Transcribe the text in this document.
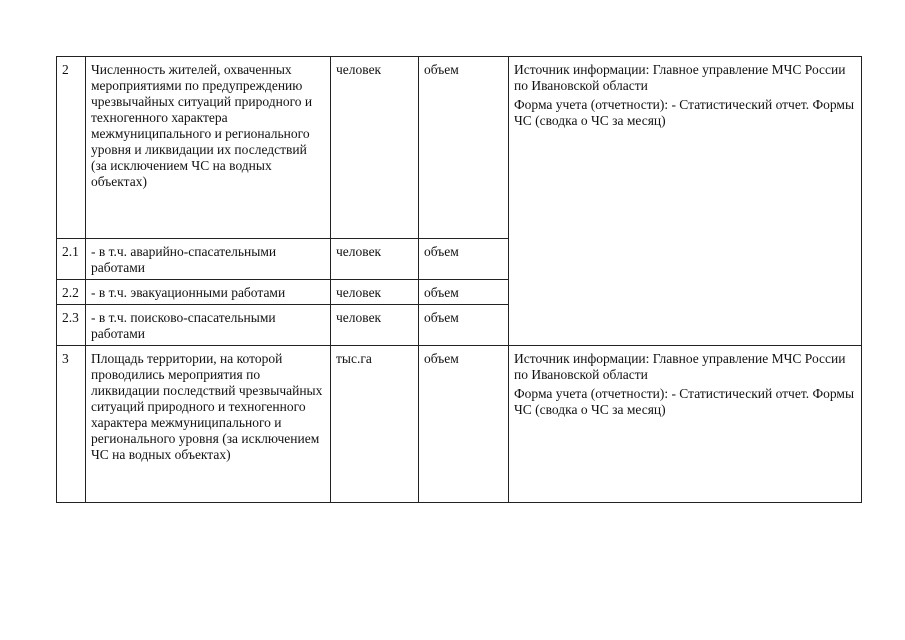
2	Численность жителей, охваченных мероприятиями по предупреждению чрезвычайных ситуаций природного и техногенного характера межмуниципального и регионального уровня и ликвидации их последствий (за исключением ЧС на водных объектах)	человек	объем	Источник информации: Главное управление МЧС России по Ивановской области

Форма учета (отчетности): - Статистический отчет. Формы ЧС (сводка о ЧС за месяц)

2.1	- в т.ч. аварийно-спасательными работами	человек	объем	
2.2	- в т.ч. эвакуационными работами	человек	объем	
2.3	- в т.ч. поисково-спасательными работами	человек	объем	
3	Площадь территории, на которой проводились мероприятия по ликвидации последствий чрезвычайных ситуаций природного и техногенного характера межмуниципального и регионального уровня (за исключением ЧС на водных объектах)	тыс.га	объем	Источник информации: Главное управление МЧС России по Ивановской области

Форма учета (отчетности): - Статистический отчет. Формы ЧС (сводка о ЧС за месяц)
